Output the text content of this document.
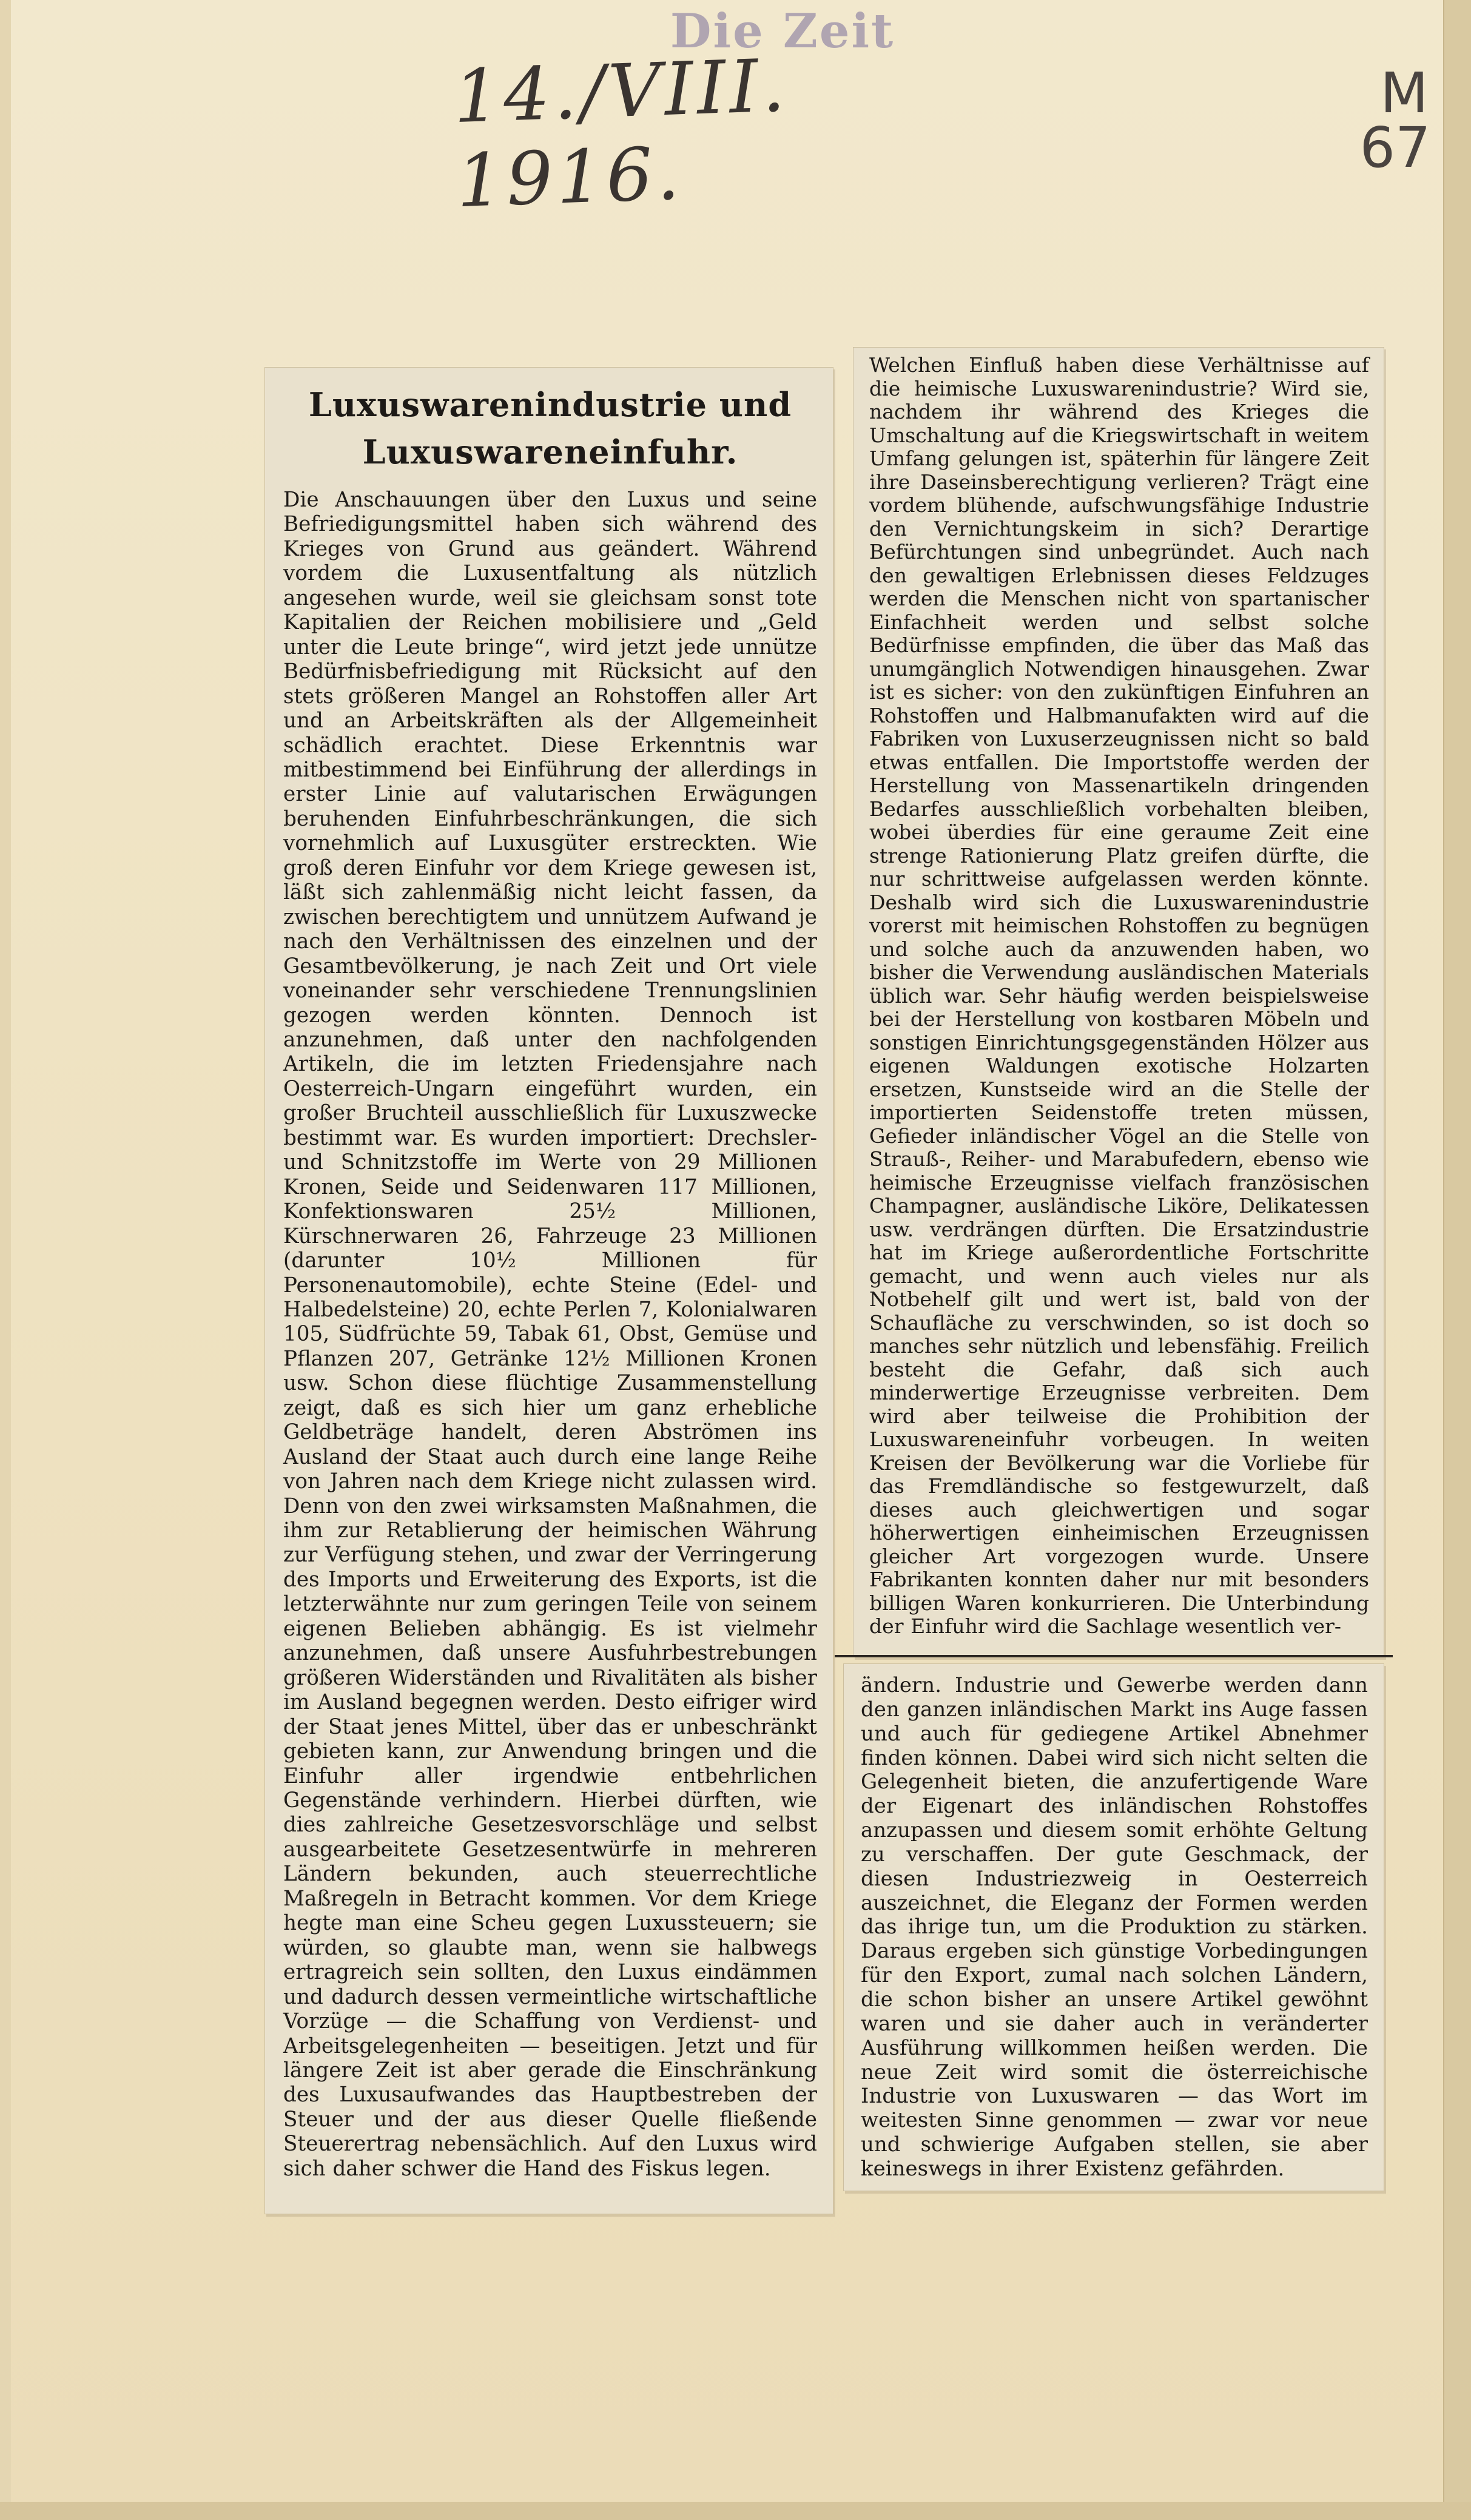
Die Zeit
14./VIII. 1916.
M
67
Luxuswarenindustrie und Luxuswareneinfuhr.

Die Anschauungen über den Luxus und seine Befriedigungsmittel haben sich während des Krieges von Grund aus geändert. Während vordem die Luxusentfaltung als nützlich angesehen wurde, weil sie gleichsam sonst tote Kapitalien der Reichen mobilisiere und „Geld unter die Leute bringe“, wird jetzt jede unnütze Bedürfnisbefriedigung mit Rücksicht auf den stets größeren Mangel an Rohstoffen aller Art und an Arbeitskräften als der Allgemeinheit schädlich erachtet. Diese Erkenntnis war mitbestimmend bei Einführung der allerdings in erster Linie auf valutarischen Erwägungen beruhenden Einfuhrbeschränkungen, die sich vornehmlich auf Luxusgüter erstreckten. Wie groß deren Einfuhr vor dem Kriege gewesen ist, läßt sich zahlenmäßig nicht leicht fassen, da zwischen berechtigtem und unnützem Aufwand je nach den Verhältnissen des einzelnen und der Gesamtbevölkerung, je nach Zeit und Ort viele voneinander sehr verschiedene Trennungslinien gezogen werden könnten. Dennoch ist anzunehmen, daß unter den nachfolgenden Artikeln, die im letzten Friedensjahre nach Oesterreich-Ungarn eingeführt wurden, ein großer Bruchteil ausschließlich für Luxuszwecke bestimmt war. Es wurden importiert: Drechsler- und Schnitzstoffe im Werte von 29 Millionen Kronen, Seide und Seidenwaren 117 Millionen, Konfektionswaren 25½ Millionen, Kürschnerwaren 26, Fahrzeuge 23 Millionen (darunter 10½ Millionen für Personenautomobile), echte Steine (Edel- und Halbedelsteine) 20, echte Perlen 7, Kolonialwaren 105, Südfrüchte 59, Tabak 61, Obst, Gemüse und Pflanzen 207, Getränke 12½ Millionen Kronen usw. Schon diese flüchtige Zusammenstellung zeigt, daß es sich hier um ganz erhebliche Geldbeträge handelt, deren Abströmen ins Ausland der Staat auch durch eine lange Reihe von Jahren nach dem Kriege nicht zulassen wird. Denn von den zwei wirksamsten Maßnahmen, die ihm zur Retablierung der heimischen Währung zur Verfügung stehen, und zwar der Verringerung des Imports und Erweiterung des Exports, ist die letzterwähnte nur zum geringen Teile von seinem eigenen Belieben abhängig. Es ist vielmehr anzunehmen, daß unsere Ausfuhrbestrebungen größeren Widerständen und Rivalitäten als bisher im Ausland begegnen werden. Desto eifriger wird der Staat jenes Mittel, über das er unbeschränkt gebieten kann, zur Anwendung bringen und die Einfuhr aller irgendwie entbehrlichen Gegenstände verhindern. Hierbei dürften, wie dies zahlreiche Gesetzesvorschläge und selbst ausgearbeitete Gesetzesentwürfe in mehreren Ländern bekunden, auch steuerrechtliche Maßregeln in Betracht kommen. Vor dem Kriege hegte man eine Scheu gegen Luxussteuern; sie würden, so glaubte man, wenn sie halbwegs ertragreich sein sollten, den Luxus eindämmen und dadurch dessen vermeintliche wirtschaftliche Vorzüge — die Schaffung von Verdienst- und Arbeitsgelegenheiten — beseitigen. Jetzt und für längere Zeit ist aber gerade die Einschränkung des Luxusaufwandes das Hauptbestreben der Steuer und der aus dieser Quelle fließende Steuerertrag nebensächlich. Auf den Luxus wird sich daher schwer die Hand des Fiskus legen.

Welchen Einfluß haben diese Verhältnisse auf die heimische Luxuswarenindustrie? Wird sie, nachdem ihr während des Krieges die Umschaltung auf die Kriegswirtschaft in weitem Umfang gelungen ist, späterhin für längere Zeit ihre Daseinsberechtigung verlieren? Trägt eine vordem blühende, aufschwungsfähige Industrie den Vernichtungskeim in sich? Derartige Befürchtungen sind unbegründet. Auch nach den gewaltigen Erlebnissen dieses Feldzuges werden die Menschen nicht von spartanischer Einfachheit werden und selbst solche Bedürfnisse empfinden, die über das Maß das unumgänglich Notwendigen hinausgehen. Zwar ist es sicher: von den zukünftigen Einfuhren an Rohstoffen und Halbmanufakten wird auf die Fabriken von Luxuserzeugnissen nicht so bald etwas entfallen. Die Importstoffe werden der Herstellung von Massenartikeln dringenden Bedarfes ausschließlich vorbehalten bleiben, wobei überdies für eine geraume Zeit eine strenge Rationierung Platz greifen dürfte, die nur schrittweise aufgelassen werden könnte. Deshalb wird sich die Luxuswarenindustrie vorerst mit heimischen Rohstoffen zu begnügen und solche auch da anzuwenden haben, wo bisher die Verwendung ausländischen Materials üblich war. Sehr häufig werden beispielsweise bei der Herstellung von kostbaren Möbeln und sonstigen Einrichtungsgegenständen Hölzer aus eigenen Waldungen exotische Holzarten ersetzen, Kunstseide wird an die Stelle der importierten Seidenstoffe treten müssen, Gefieder inländischer Vögel an die Stelle von Strauß-, Reiher- und Marabufedern, ebenso wie heimische Erzeugnisse vielfach französischen Champagner, ausländische Liköre, Delikatessen usw. verdrängen dürften. Die Ersatzindustrie hat im Kriege außerordentliche Fortschritte gemacht, und wenn auch vieles nur als Notbehelf gilt und wert ist, bald von der Schaufläche zu verschwinden, so ist doch so manches sehr nützlich und lebensfähig. Freilich besteht die Gefahr, daß sich auch minderwertige Erzeugnisse verbreiten. Dem wird aber teilweise die Prohibition der Luxuswareneinfuhr vorbeugen. In weiten Kreisen der Bevölkerung war die Vorliebe für das Fremdländische so festgewurzelt, daß dieses auch gleichwertigen und sogar höherwertigen einheimischen Erzeugnissen gleicher Art vorgezogen wurde. Unsere Fabrikanten konnten daher nur mit besonders billigen Waren konkurrieren. Die Unterbindung der Einfuhr wird die Sachlage wesentlich ver-

ändern. Industrie und Gewerbe werden dann den ganzen inländischen Markt ins Auge fassen und auch für gediegene Artikel Abnehmer finden können. Dabei wird sich nicht selten die Gelegenheit bieten, die anzufertigende Ware der Eigenart des inländischen Rohstoffes anzupassen und diesem somit erhöhte Geltung zu verschaffen. Der gute Geschmack, der diesen Industriezweig in Oesterreich auszeichnet, die Eleganz der Formen werden das ihrige tun, um die Produktion zu stärken. Daraus ergeben sich günstige Vorbedingungen für den Export, zumal nach solchen Ländern, die schon bisher an unsere Artikel gewöhnt waren und sie daher auch in veränderter Ausführung willkommen heißen werden. Die neue Zeit wird somit die österreichische Industrie von Luxuswaren — das Wort im weitesten Sinne genommen — zwar vor neue und schwierige Aufgaben stellen, sie aber keineswegs in ihrer Existenz gefährden.
